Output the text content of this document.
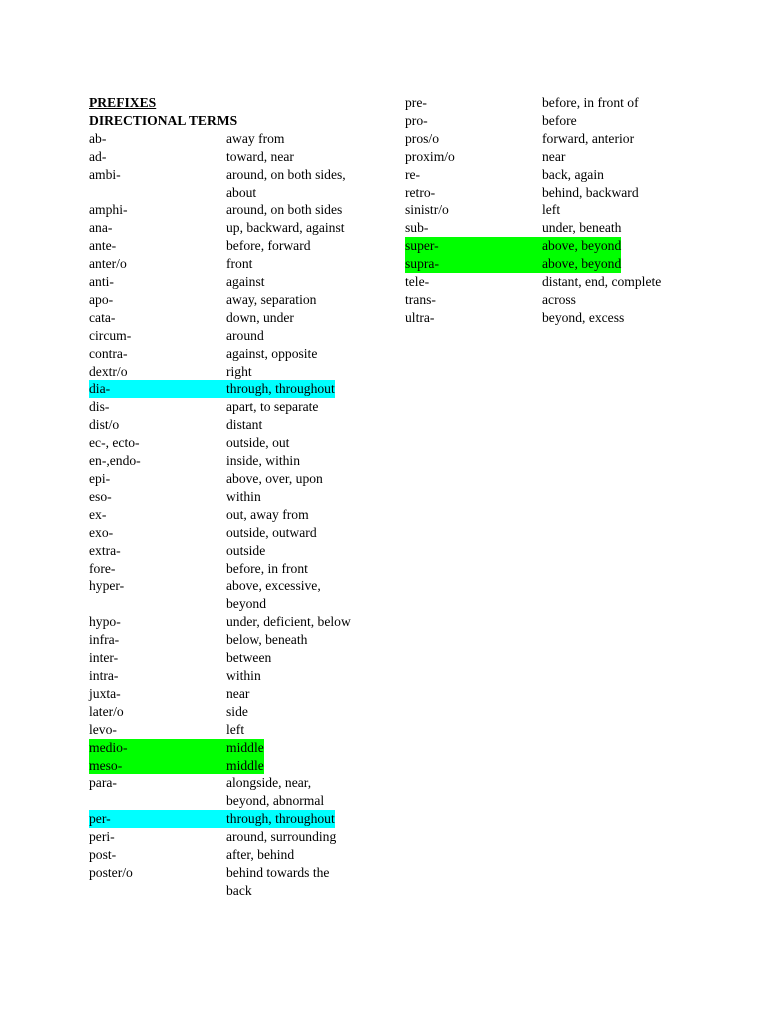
PREFIXES
DIRECTIONAL TERMS
ab-	away from
ad-	toward, near
ambi-	around, on both sides, about
amphi-	around, on both sides
ana-	up, backward, against
ante-	before, forward
anter/o	front
anti-	against
apo-	away, separation
cata-	down, under
circum-	around
contra-	against, opposite
dextr/o	right
dia-	through, throughout
dis-	apart, to separate
dist/o	distant
ec-, ecto-	outside, out
en-,endo-	inside, within
epi-	above, over, upon
eso-	within
ex-	out, away from
exo-	outside, outward
extra-	outside
fore-	before, in front
hyper-	above, excessive, beyond
hypo-	under, deficient, below
infra-	below, beneath
inter-	between
intra-	within
juxta-	near
later/o	side
levo-	left
medio-	middle
meso-	middle
para-	alongside, near, beyond, abnormal
per-	through, throughout
peri-	around, surrounding
post-	after, behind
poster/o	behind towards the back
pre-	before, in front of
pro-	before
pros/o	forward, anterior
proxim/o	near
re-	back, again
retro-	behind, backward
sinistr/o	left
sub-	under, beneath
super-	above, beyond
supra-	above, beyond
tele-	distant, end, complete
trans-	across
ultra-	beyond, excess
